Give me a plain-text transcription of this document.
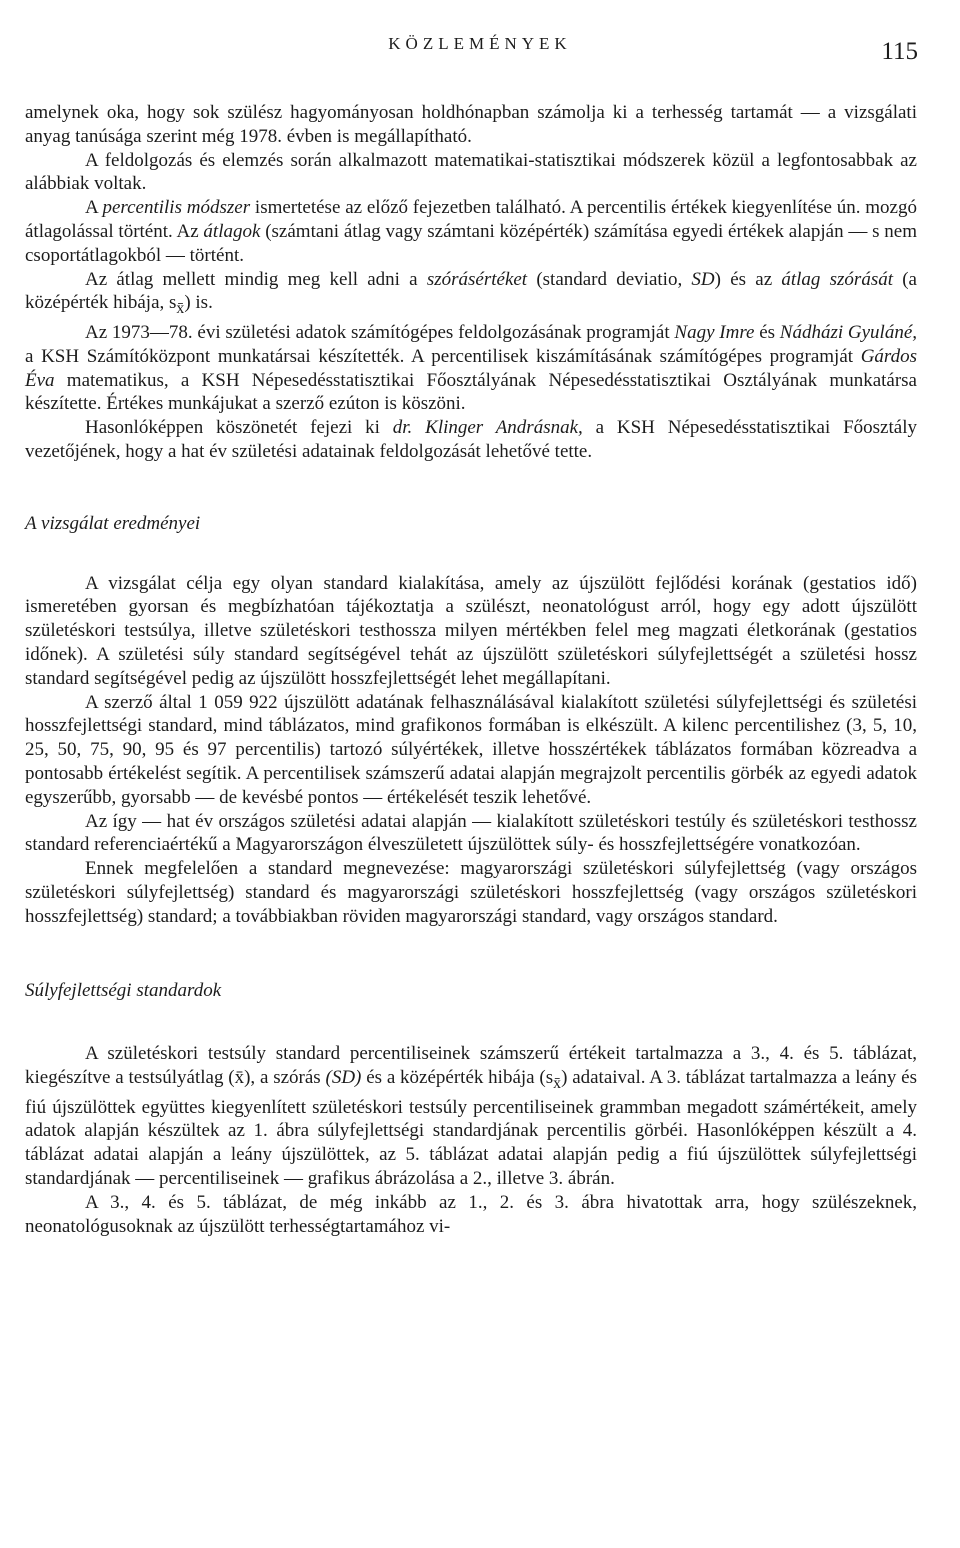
KÖZLEMÉNYEK	115

amelynek oka, hogy sok szülész hagyományosan holdhónapban számolja ki a terhesség tartamát — a vizsgálati anyag tanúsága szerint még 1978. évben is megállapítható.

A feldolgozás és elemzés során alkalmazott matematikai-statisztikai módszerek közül a legfontosabbak az alábbiak voltak.

A percentilis módszer ismertetése az előző fejezetben található. A percentilis értékek kiegyenlítése ún. mozgó átlagolással történt. Az átlagok (számtani átlag vagy számtani középérték) számítása egyedi értékek alapján — s nem csoportátlagokból — történt.

Az átlag mellett mindig meg kell adni a szórásértéket (standard deviatio, SD) és az átlag szórását (a középérték hibája, $s_{x̄}$) is.

Az 1973—78. évi születési adatok számítógépes feldolgozásának programját Nagy Imre és Nádházi Gyuláné, a KSH Számítóközpont munkatársai készítették. A percentilisek kiszámításának számítógépes programját Gárdos Éva matematikus, a KSH Népesedésstatisztikai Főosztályának Népesedésstatisztikai Osztályának munkatársa készítette. Értékes munkájukat a szerző ezúton is köszöni.

Hasonlóképpen köszönetét fejezi ki dr. Klinger Andrásnak, a KSH Népesedésstatisztikai Főosztály vezetőjének, hogy a hat év születési adatainak feldolgozását lehetővé tette.

A vizsgálat eredményei

A vizsgálat célja egy olyan standard kialakítása, amely az újszülött fejlődési korának (gestatios idő) ismeretében gyorsan és megbízhatóan tájékoztatja a szülészt, neonatológust arról, hogy egy adott újszülött születéskori testsúlya, illetve születéskori testhossza milyen mértékben felel meg magzati életkorának (gestatios időnek). A születési súly standard segítségével tehát az újszülött születéskori súlyfejlettségét a születési hossz standard segítségével pedig az újszülött hosszfejlettségét lehet megállapítani.

A szerző által 1 059 922 újszülött adatának felhasználásával kialakított születési súlyfejlettségi és születési hosszfejlettségi standard, mind táblázatos, mind grafikonos formában is elkészült. A kilenc percentilishez (3, 5, 10, 25, 50, 75, 90, 95 és 97 percentilis) tartozó súlyértékek, illetve hosszértékek táblázatos formában közreadva a pontosabb értékelést segítik. A percentilisek számszerű adatai alapján megrajzolt percentilis görbék az egyedi adatok egyszerűbb, gyorsabb — de kevésbé pontos — értékelését teszik lehetővé.

Az így — hat év országos születési adatai alapján — kialakított születéskori testúly és születéskori testhossz standard referenciaértékű a Magyarországon élveszületett újszülöttek súly- és hosszfejlettségére vonatkozóan.

Ennek megfelelően a standard megnevezése: magyarországi születéskori súlyfejlettség (vagy országos születéskori súlyfejlettség) standard és magyarországi születéskori hosszfejlettség (vagy országos születéskori hosszfejlettség) standard; a továbbiakban röviden magyarországi standard, vagy országos standard.

Súlyfejlettségi standardok

A születéskori testsúly standard percentiliseinek számszerű értékeit tartalmazza a 3., 4. és 5. táblázat, kiegészítve a testsúlyátlag (x̄), a szórás (SD) és a középérték hibája $(s_{x̄})$ adataival. A 3. táblázat tartalmazza a leány és fiú újszülöttek együttes kiegyenlített születéskori testsúly percentiliseinek grammban megadott számértékeit, amely adatok alapján készültek az 1. ábra súlyfejlettségi standardjának percentilis görbéi. Hasonlóképpen készült a 4. táblázat adatai alapján a leány újszülöttek, az 5. táblázat adatai alapján pedig a fiú újszülöttek súlyfejlettségi standardjának — percentiliseinek — grafikus ábrázolása a 2., illetve 3. ábrán.

A 3., 4. és 5. táblázat, de még inkább az 1., 2. és 3. ábra hivatottak arra, hogy szülészeknek, neonatológusoknak az újszülött terhességtartamához vi-
